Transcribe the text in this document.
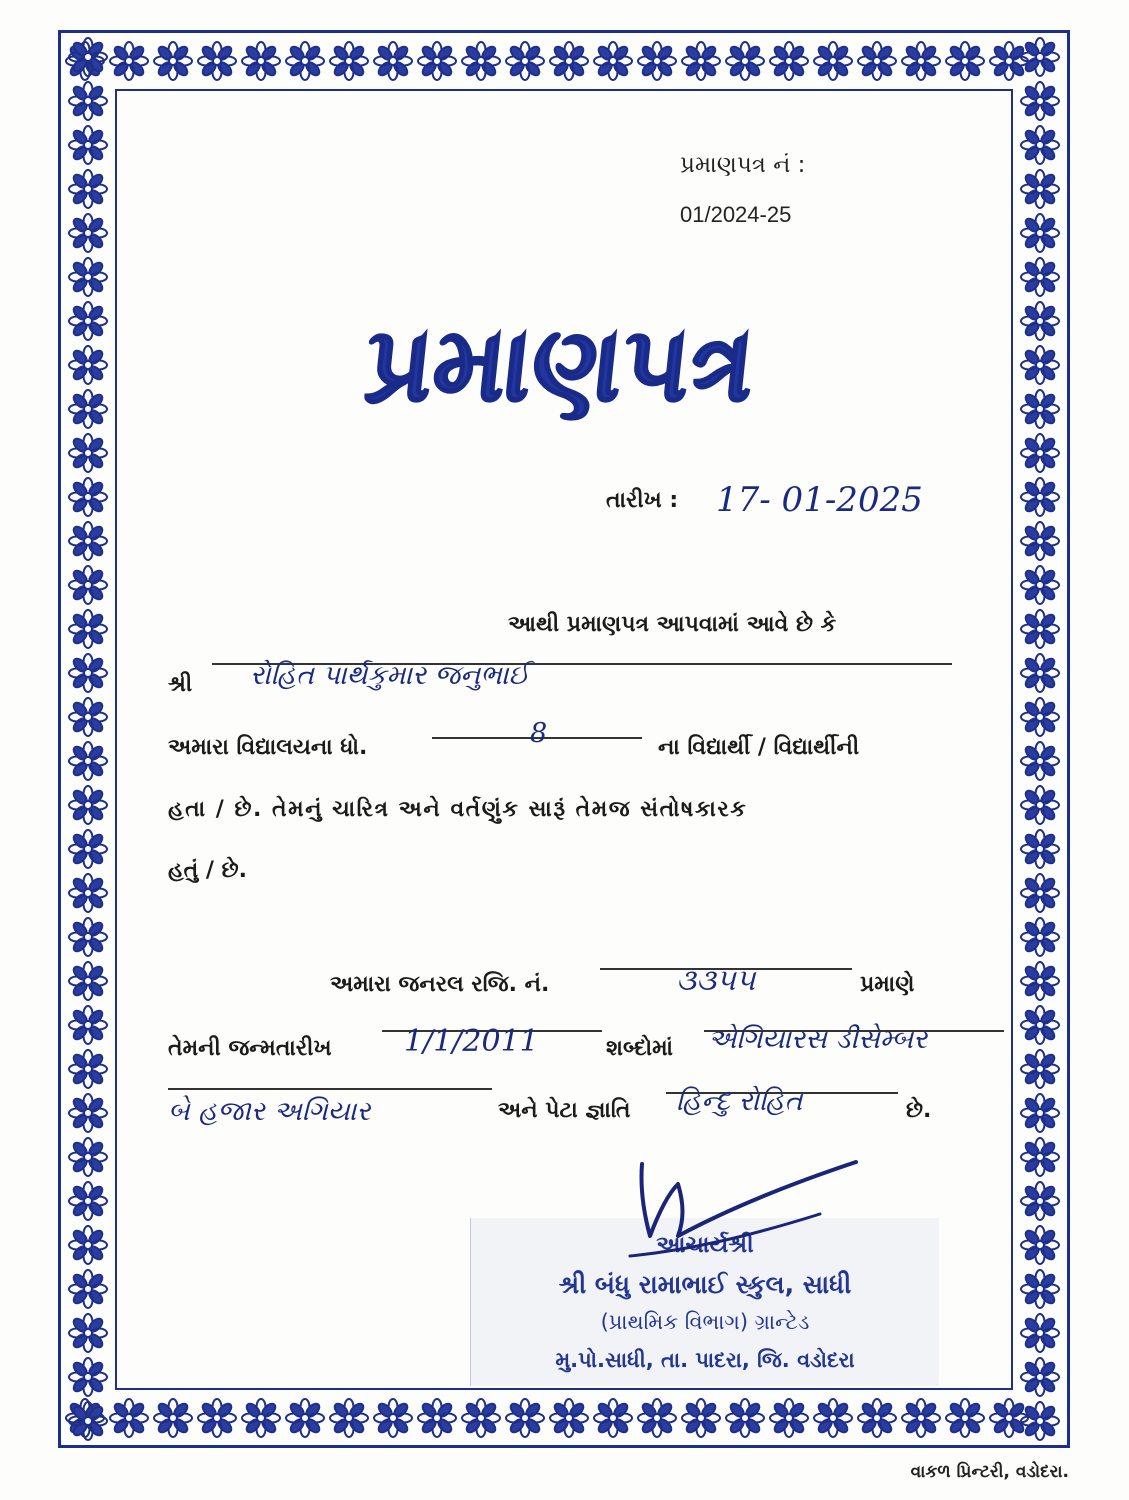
પ્રમાણપત્ર નં :
01/2024-25
પ્રમાણપત્ર
તારીખ : 17- 01-2025
આથી પ્રમાણપત્ર આપવામાં આવે છે કે
શ્રી રોહિત પાર્થકુમાર જનુભાઈ
અમારા વિદ્યાલયના ધો.	8	ના વિદ્યાર્થી / વિદ્યાર્થીની
હતા / છે. તેમનું ચારિત્ર અને વર્તણુંક સારૂં તેમજ સંતોષકારક
હતું / છે.
અમારા જનરલ રજિ. નં.	૩૩૫૫	પ્રમાણે
તેમની જન્મતારીખ 1/1/2011	શબ્દોમાં એગિયારસ ડીસેમ્બર
બે હજાર અગિયાર	અને પેટા જ્ઞાતિ હિન્દુ રોહિત	છે.
આચાર્યશ્રી
શ્રી બંધુ રામાભાઈ સ્કુલ, સાધી
(પ્રાથમિક વિભાગ) ગ્રાન્ટેડ
મુ.પો.સાધી, તા. પાદરા, જિ. વડોદરા
વાકળ પ્રિન્ટરી, વડોદરા.
